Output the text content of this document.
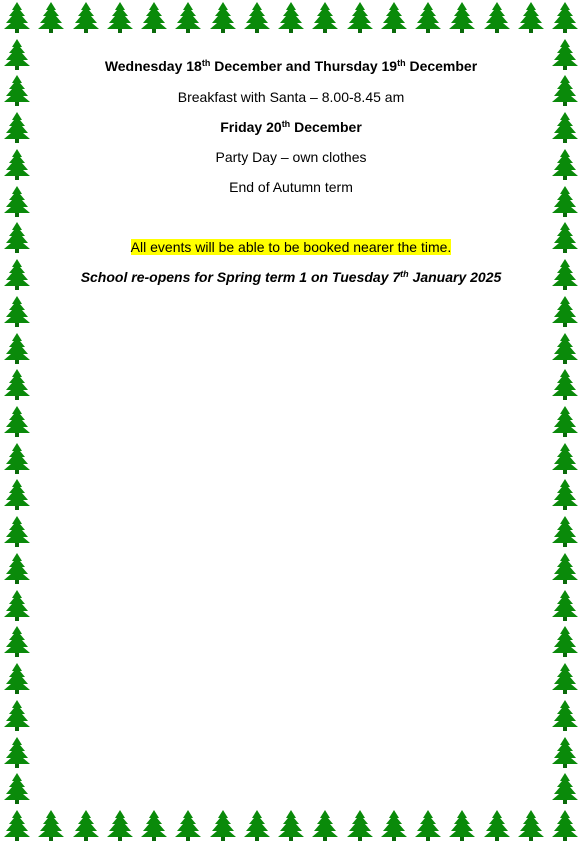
Wednesday 18th December and Thursday 19th December

Breakfast with Santa – 8.00-8.45 am

Friday 20th December

Party Day – own clothes

End of Autumn term

All events will be able to be booked nearer the time.

School re-opens for Spring term 1 on Tuesday 7th January 2025
